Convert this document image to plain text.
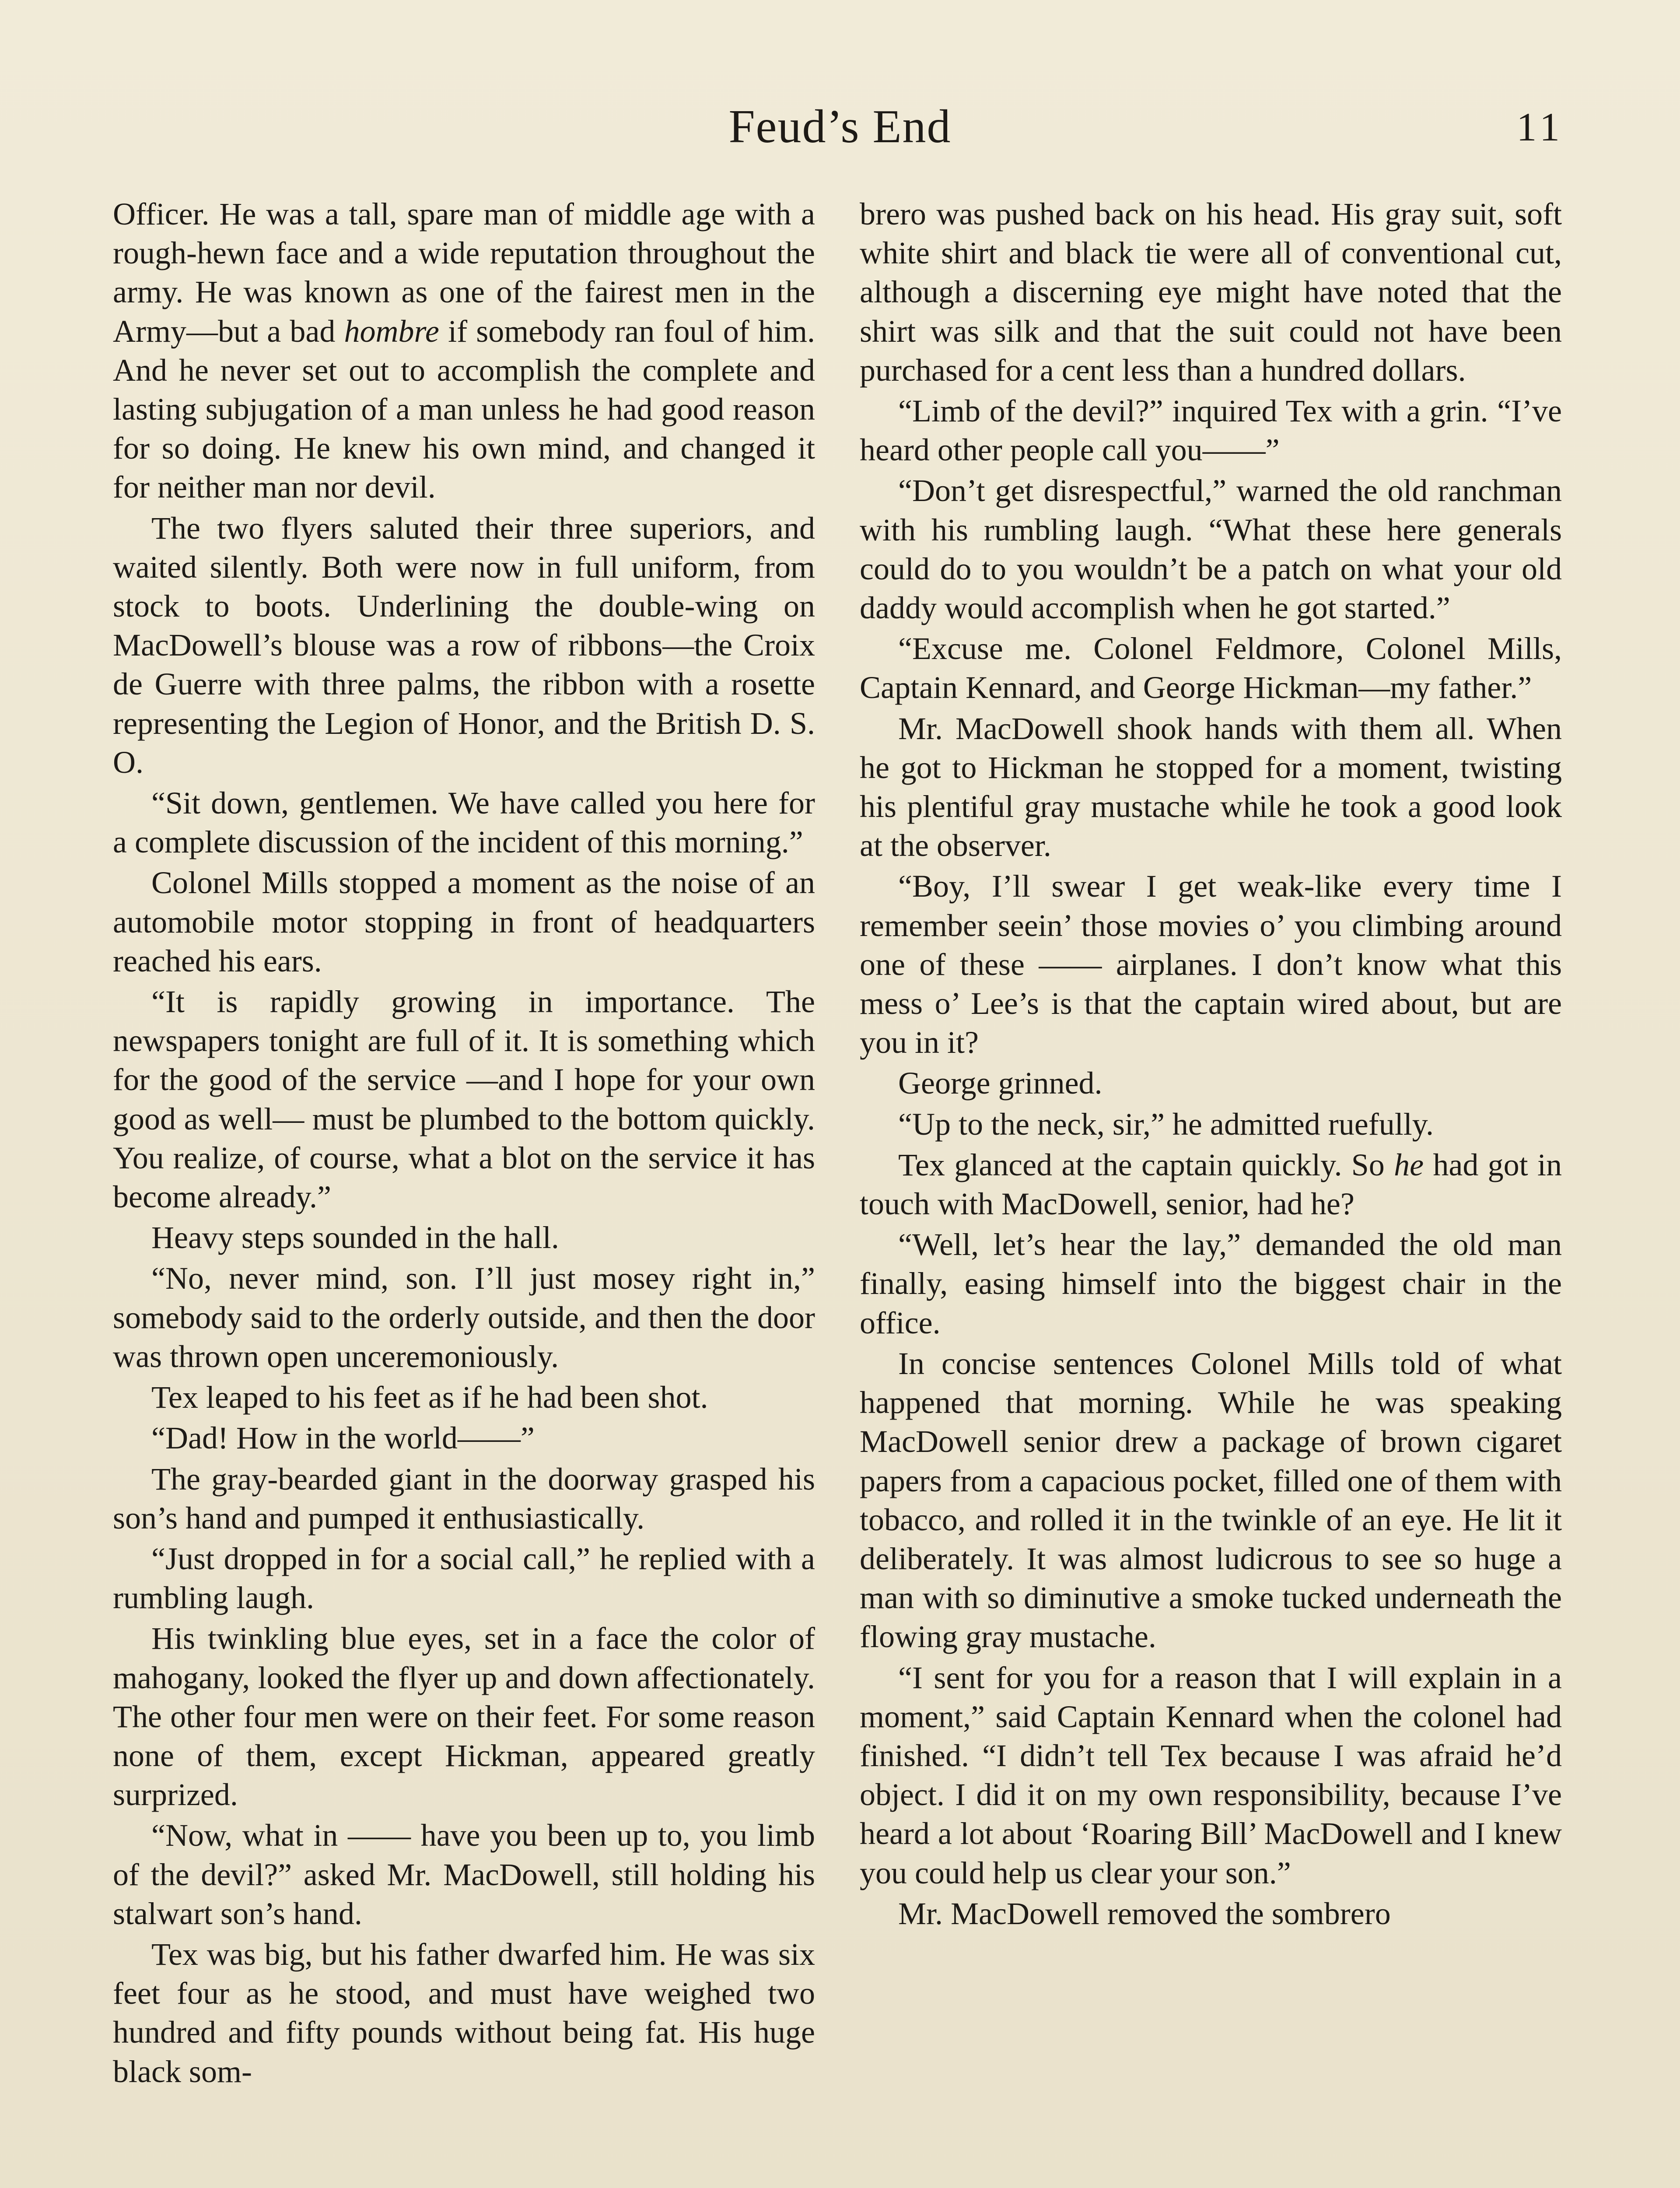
Feud’s End	11

Officer. He was a tall, spare man of middle age with a rough-hewn face and a wide reputation throughout the army. He was known as one of the fairest men in the Army—but a bad hombre if somebody ran foul of him. And he never set out to accomplish the complete and lasting subjugation of a man unless he had good reason for so doing. He knew his own mind, and changed it for neither man nor devil.

The two flyers saluted their three superiors, and waited silently. Both were now in full uniform, from stock to boots. Underlining the double-wing on MacDowell’s blouse was a row of ribbons—the Croix de Guerre with three palms, the ribbon with a rosette representing the Legion of Honor, and the British D. S. O.

“Sit down, gentlemen. We have called you here for a complete discussion of the incident of this morning.”

Colonel Mills stopped a moment as the noise of an automobile motor stopping in front of headquarters reached his ears.

“It is rapidly growing in importance. The newspapers tonight are full of it. It is something which for the good of the service —and I hope for your own good as well— must be plumbed to the bottom quickly. You realize, of course, what a blot on the service it has become already.”

Heavy steps sounded in the hall.

“No, never mind, son. I’ll just mosey right in,” somebody said to the orderly outside, and then the door was thrown open unceremoniously.

Tex leaped to his feet as if he had been shot.

“Dad! How in the world——”

The gray-bearded giant in the doorway grasped his son’s hand and pumped it enthusiastically.

“Just dropped in for a social call,” he replied with a rumbling laugh.

His twinkling blue eyes, set in a face the color of mahogany, looked the flyer up and down affectionately. The other four men were on their feet. For some reason none of them, except Hickman, appeared greatly surprized.

“Now, what in —— have you been up to, you limb of the devil?” asked Mr. MacDowell, still holding his stalwart son’s hand.

Tex was big, but his father dwarfed him. He was six feet four as he stood, and must have weighed two hundred and fifty pounds without being fat. His huge black som-

brero was pushed back on his head. His gray suit, soft white shirt and black tie were all of conventional cut, although a discerning eye might have noted that the shirt was silk and that the suit could not have been purchased for a cent less than a hundred dollars.

“Limb of the devil?” inquired Tex with a grin. “I’ve heard other people call you——”

“Don’t get disrespectful,” warned the old ranchman with his rumbling laugh. “What these here generals could do to you wouldn’t be a patch on what your old daddy would accomplish when he got started.”

“Excuse me. Colonel Feldmore, Colonel Mills, Captain Kennard, and George Hickman—my father.”

Mr. MacDowell shook hands with them all. When he got to Hickman he stopped for a moment, twisting his plentiful gray mustache while he took a good look at the observer.

“Boy, I’ll swear I get weak-like every time I remember seein’ those movies o’ you climbing around one of these —— airplanes. I don’t know what this mess o’ Lee’s is that the captain wired about, but are you in it?

George grinned.

“Up to the neck, sir,” he admitted ruefully.

Tex glanced at the captain quickly. So he had got in touch with MacDowell, senior, had he?

“Well, let’s hear the lay,” demanded the old man finally, easing himself into the biggest chair in the office.

In concise sentences Colonel Mills told of what happened that morning. While he was speaking MacDowell senior drew a package of brown cigaret papers from a capacious pocket, filled one of them with tobacco, and rolled it in the twinkle of an eye. He lit it deliberately. It was almost ludicrous to see so huge a man with so diminutive a smoke tucked underneath the flowing gray mustache.

“I sent for you for a reason that I will explain in a moment,” said Captain Kennard when the colonel had finished. “I didn’t tell Tex because I was afraid he’d object. I did it on my own responsibility, because I’ve heard a lot about ‘Roaring Bill’ MacDowell and I knew you could help us clear your son.”

Mr. MacDowell removed the sombrero
